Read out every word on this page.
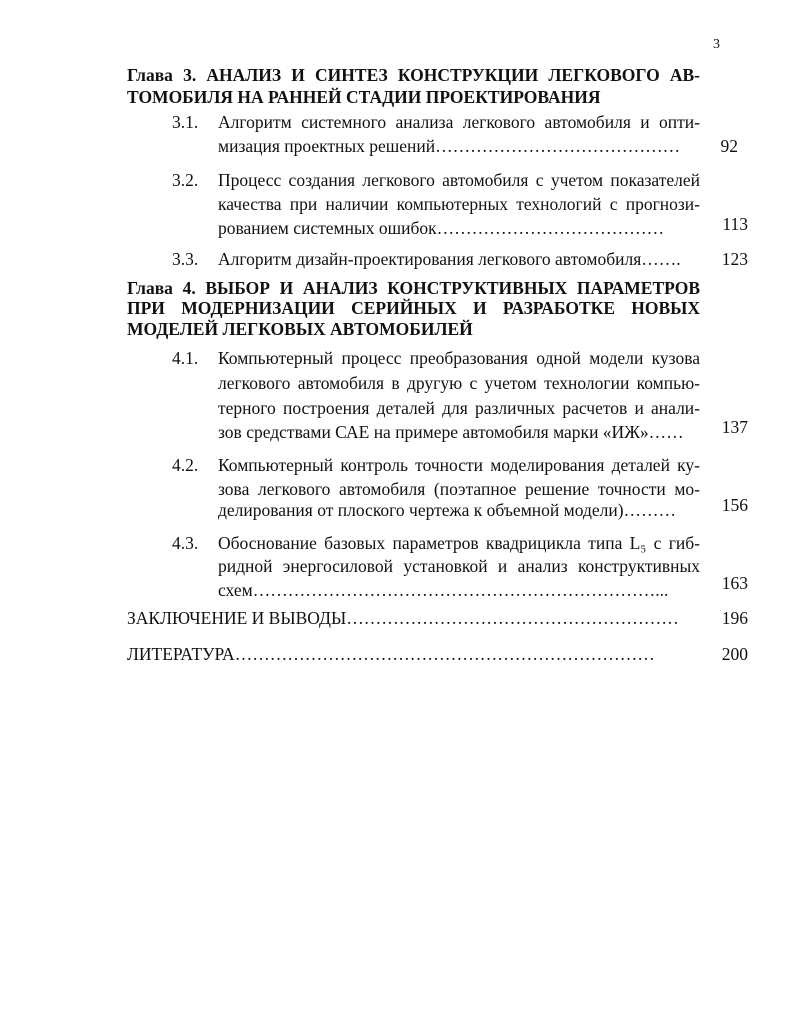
3
Глава 3. АНАЛИЗ И СИНТЕЗ КОНСТРУКЦИИ ЛЕГКОВОГО АВ-
ТОМОБИЛЯ НА РАННЕЙ СТАДИИ ПРОЕКТИРОВАНИЯ
3.1. Алгоритм системного анализа легкового автомобиля и опти-
мизация проектных решений……………………………………	92
3.2. Процесс создания легкового автомобиля с учетом показателей
качества при наличии компьютерных технологий с прогнози-
рованием системных ошибок…………………………………	113
3.3. Алгоритм дизайн-проектирования легкового автомобиля…….	123
Глава 4. ВЫБОР И АНАЛИЗ КОНСТРУКТИВНЫХ ПАРАМЕТРОВ
ПРИ МОДЕРНИЗАЦИИ СЕРИЙНЫХ И РАЗРАБОТКЕ НОВЫХ
МОДЕЛЕЙ ЛЕГКОВЫХ АВТОМОБИЛЕЙ
4.1. Компьютерный процесс преобразования одной модели кузова
легкового автомобиля в другую с учетом технологии компью-
терного построения деталей для различных расчетов и анали-
зов средствами САЕ на примере автомобиля марки «ИЖ»……	137
4.2. Компьютерный контроль точности моделирования деталей ку-
зова легкового автомобиля (поэтапное решение точности мо-
делирования от плоского чертежа к объемной модели)………	156
4.3. Обоснование базовых параметров квадрицикла типа L₅ с гиб-
ридной энергосиловой установкой и анализ конструктивных
схем……………………………………………………………...	163
ЗАКЛЮЧЕНИЕ И ВЫВОДЫ…………………………………………………	196
ЛИТЕРАТУРА………………………………………………………………	200
